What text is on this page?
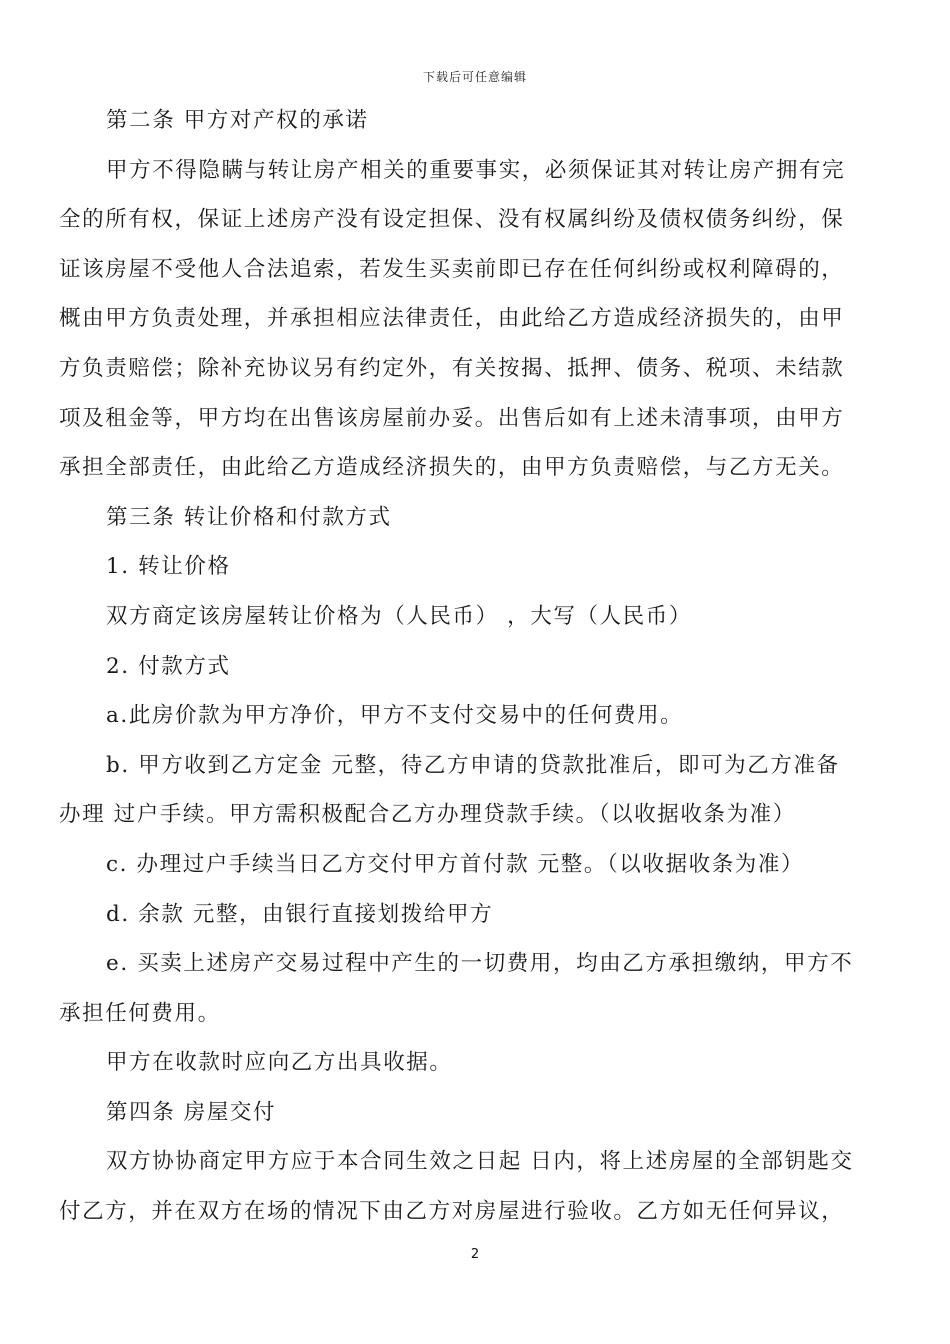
下载后可任意编辑
第二条 甲方对产权的承诺
甲方不得隐瞒与转让房产相关的重要事实，必须保证其对转让房产拥有完
全的所有权，保证上述房产没有设定担保、没有权属纠纷及债权债务纠纷，保
证该房屋不受他人合法追索，若发生买卖前即已存在任何纠纷或权利障碍的，
概由甲方负责处理，并承担相应法律责任，由此给乙方造成经济损失的，由甲
方负责赔偿；除补充协议另有约定外，有关按揭、抵押、债务、税项、未结款
项及租金等，甲方均在出售该房屋前办妥。出售后如有上述未清事项，由甲方
承担全部责任，由此给乙方造成经济损失的，由甲方负责赔偿，与乙方无关。
第三条 转让价格和付款方式
1. 转让价格
双方商定该房屋转让价格为（人民币） ，大写（人民币）
2. 付款方式
a.此房价款为甲方净价，甲方不支付交易中的任何费用。
b. 甲方收到乙方定金 元整，待乙方申请的贷款批准后，即可为乙方准备
办理 过户手续。甲方需积极配合乙方办理贷款手续。（以收据收条为准）
c. 办理过户手续当日乙方交付甲方首付款 元整。（以收据收条为准）
d. 余款 元整，由银行直接划拨给甲方
e. 买卖上述房产交易过程中产生的一切费用，均由乙方承担缴纳，甲方不
承担任何费用。
甲方在收款时应向乙方出具收据。
第四条 房屋交付
双方协协商定甲方应于本合同生效之日起 日内，将上述房屋的全部钥匙交
付乙方，并在双方在场的情况下由乙方对房屋进行验收。乙方如无任何异议，
2
